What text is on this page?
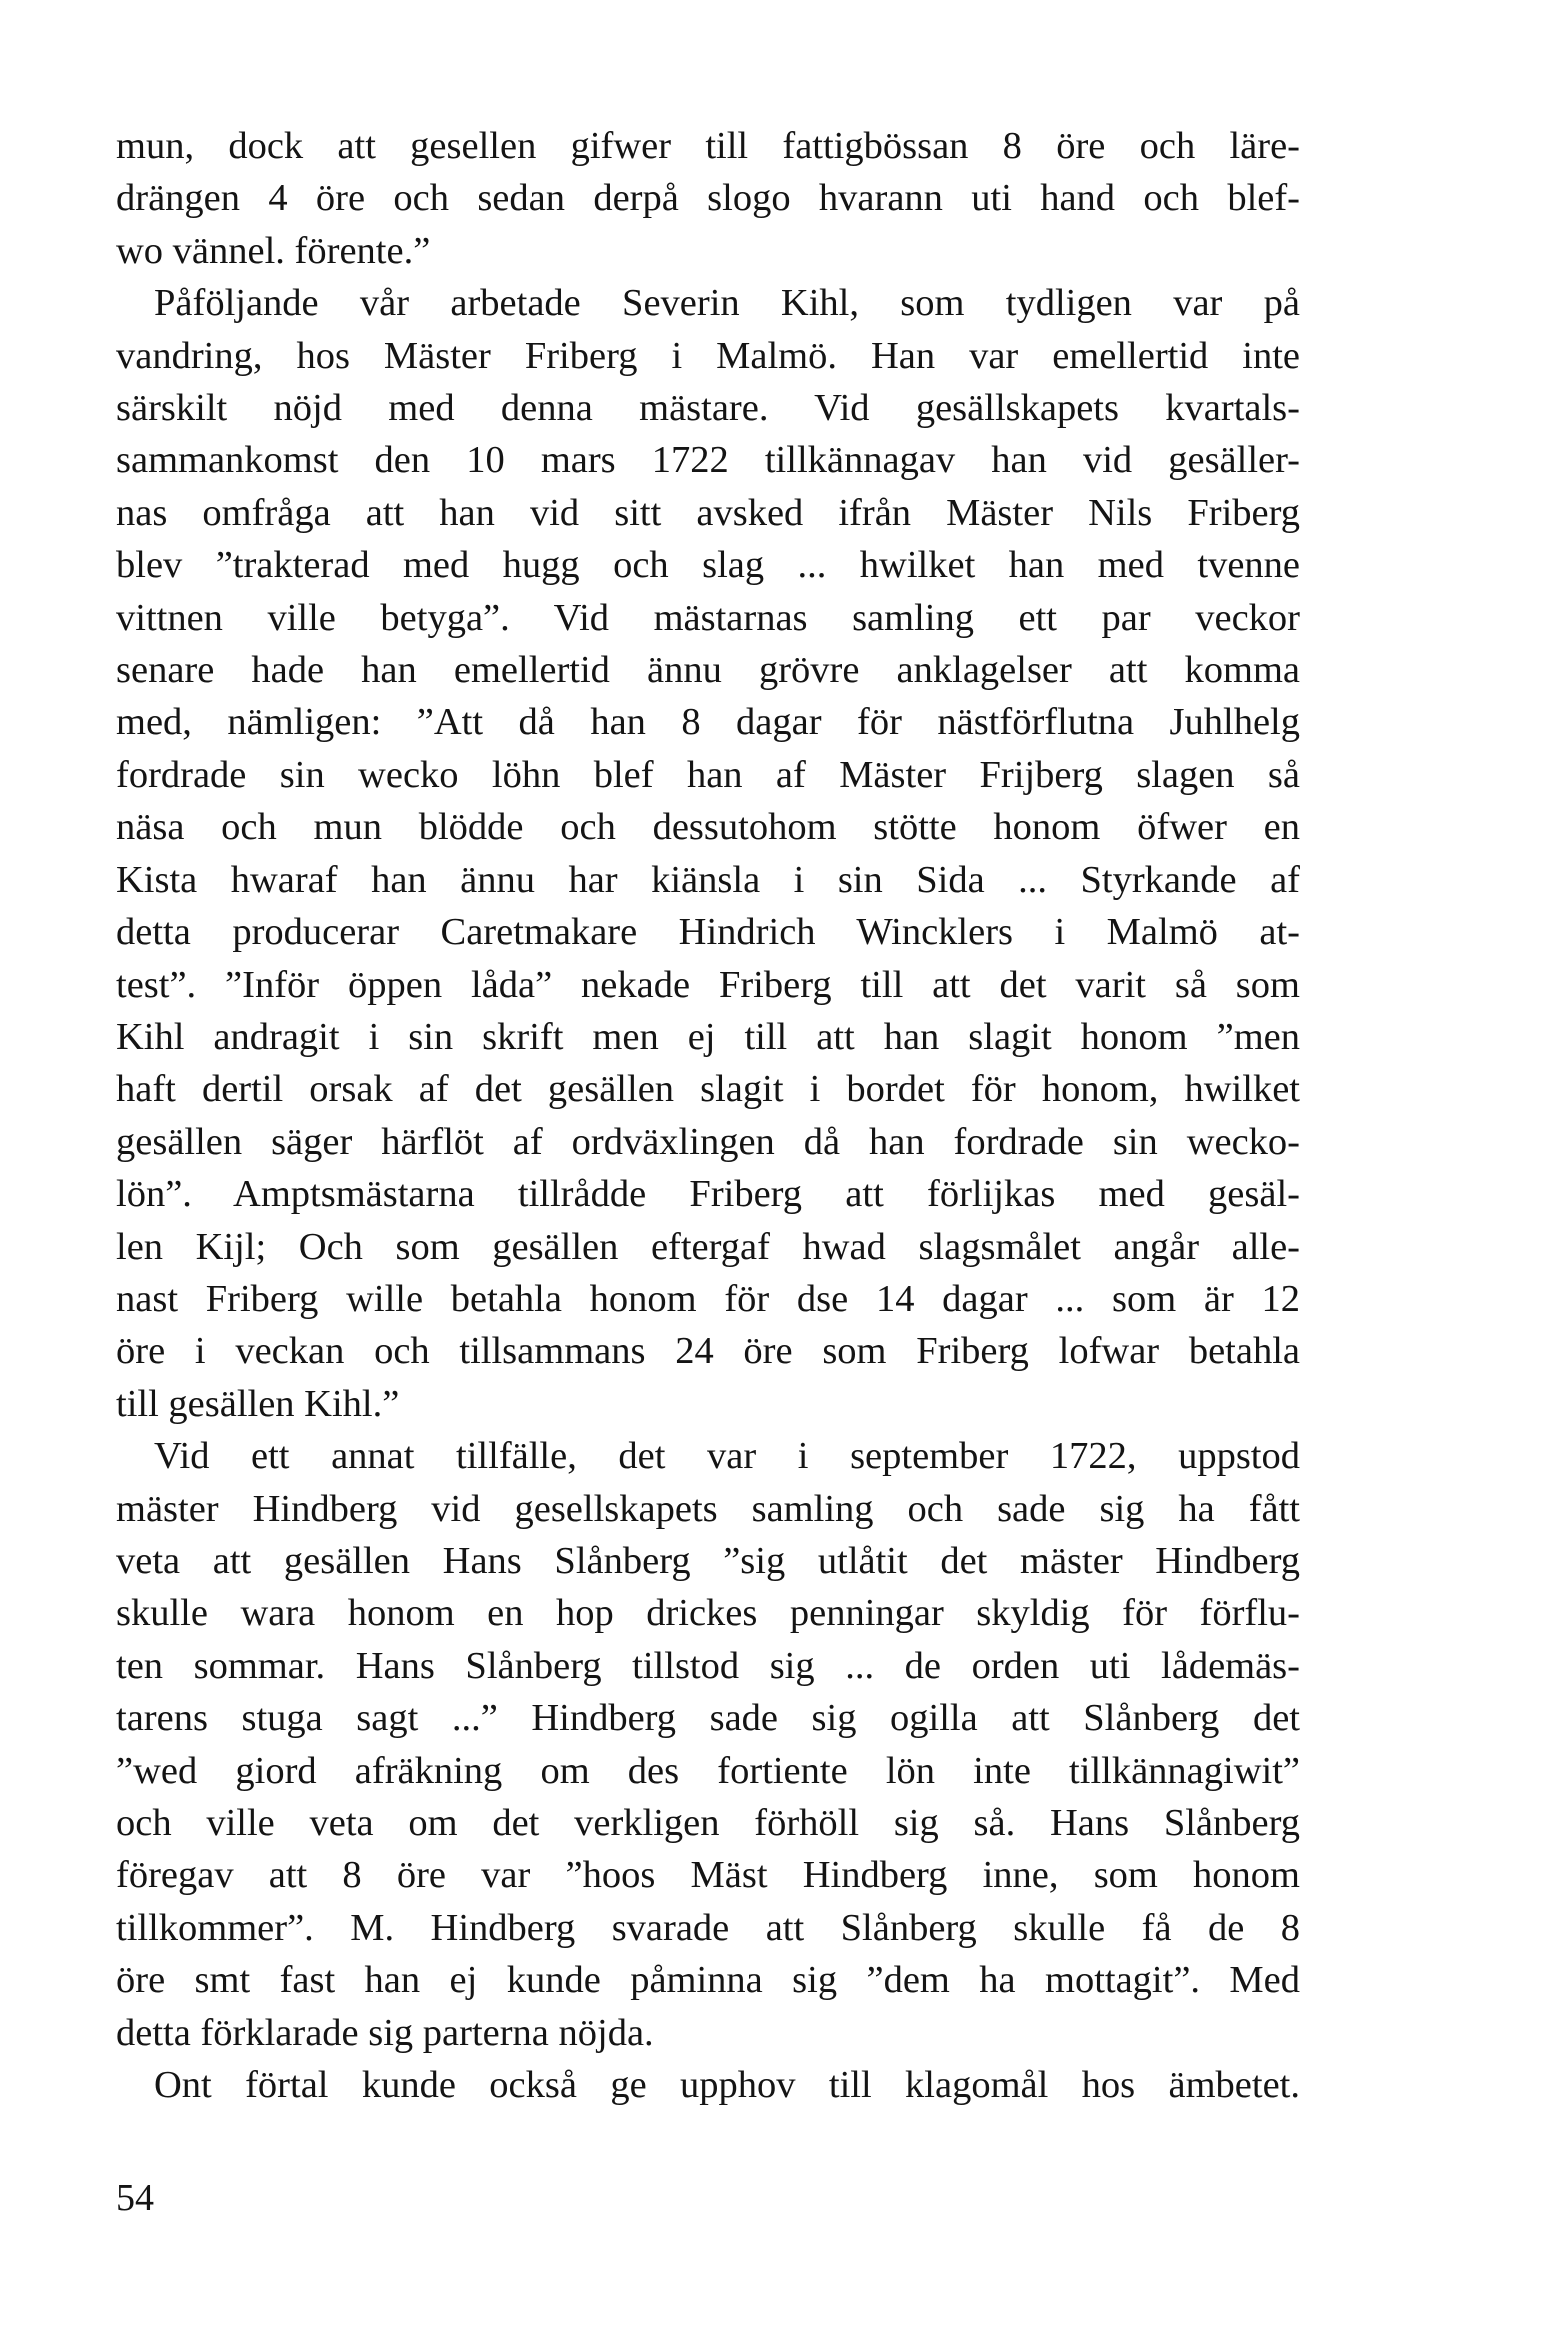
mun, dock att gesellen gifwer till fattigbössan 8 öre och läre-
drängen 4 öre och sedan derpå slogo hvarann uti hand och blef-
wo vännel. förente.”
Påföljande vår arbetade Severin Kihl, som tydligen var på
vandring, hos Mäster Friberg i Malmö. Han var emellertid inte
särskilt nöjd med denna mästare. Vid gesällskapets kvartals-
sammankomst den 10 mars 1722 tillkännagav han vid gesäller-
nas omfråga att han vid sitt avsked ifrån Mäster Nils Friberg
blev ”trakterad med hugg och slag ... hwilket han med tvenne
vittnen ville betyga”. Vid mästarnas samling ett par veckor
senare hade han emellertid ännu grövre anklagelser att komma
med, nämligen: ”Att då han 8 dagar för nästförflutna Juhlhelg
fordrade sin wecko löhn blef han af Mäster Frijberg slagen så
näsa och mun blödde och dessutohom stötte honom öfwer en
Kista hwaraf han ännu har kiänsla i sin Sida ... Styrkande af
detta producerar Caretmakare Hindrich Wincklers i Malmö at-
test”. ”Inför öppen låda” nekade Friberg till att det varit så som
Kihl andragit i sin skrift men ej till att han slagit honom ”men
haft dertil orsak af det gesällen slagit i bordet för honom, hwilket
gesällen säger härflöt af ordväxlingen då han fordrade sin wecko-
lön”. Amptsmästarna tillrådde Friberg att förlijkas med gesäl-
len Kijl; Och som gesällen eftergaf hwad slagsmålet angår alle-
nast Friberg wille betahla honom för dse 14 dagar ... som är 12
öre i veckan och tillsammans 24 öre som Friberg lofwar betahla
till gesällen Kihl.”
Vid ett annat tillfälle, det var i september 1722, uppstod
mäster Hindberg vid gesellskapets samling och sade sig ha fått
veta att gesällen Hans Slånberg ”sig utlåtit det mäster Hindberg
skulle wara honom en hop drickes penningar skyldig för förflu-
ten sommar. Hans Slånberg tillstod sig ... de orden uti lådemäs-
tarens stuga sagt ...” Hindberg sade sig ogilla att Slånberg det
”wed giord afräkning om des fortiente lön inte tillkännagiwit”
och ville veta om det verkligen förhöll sig så. Hans Slånberg
föregav att 8 öre var ”hoos Mäst Hindberg inne, som honom
tillkommer”. M. Hindberg svarade att Slånberg skulle få de 8
öre smt fast han ej kunde påminna sig ”dem ha mottagit”. Med
detta förklarade sig parterna nöjda.
Ont förtal kunde också ge upphov till klagomål hos ämbetet.
54
